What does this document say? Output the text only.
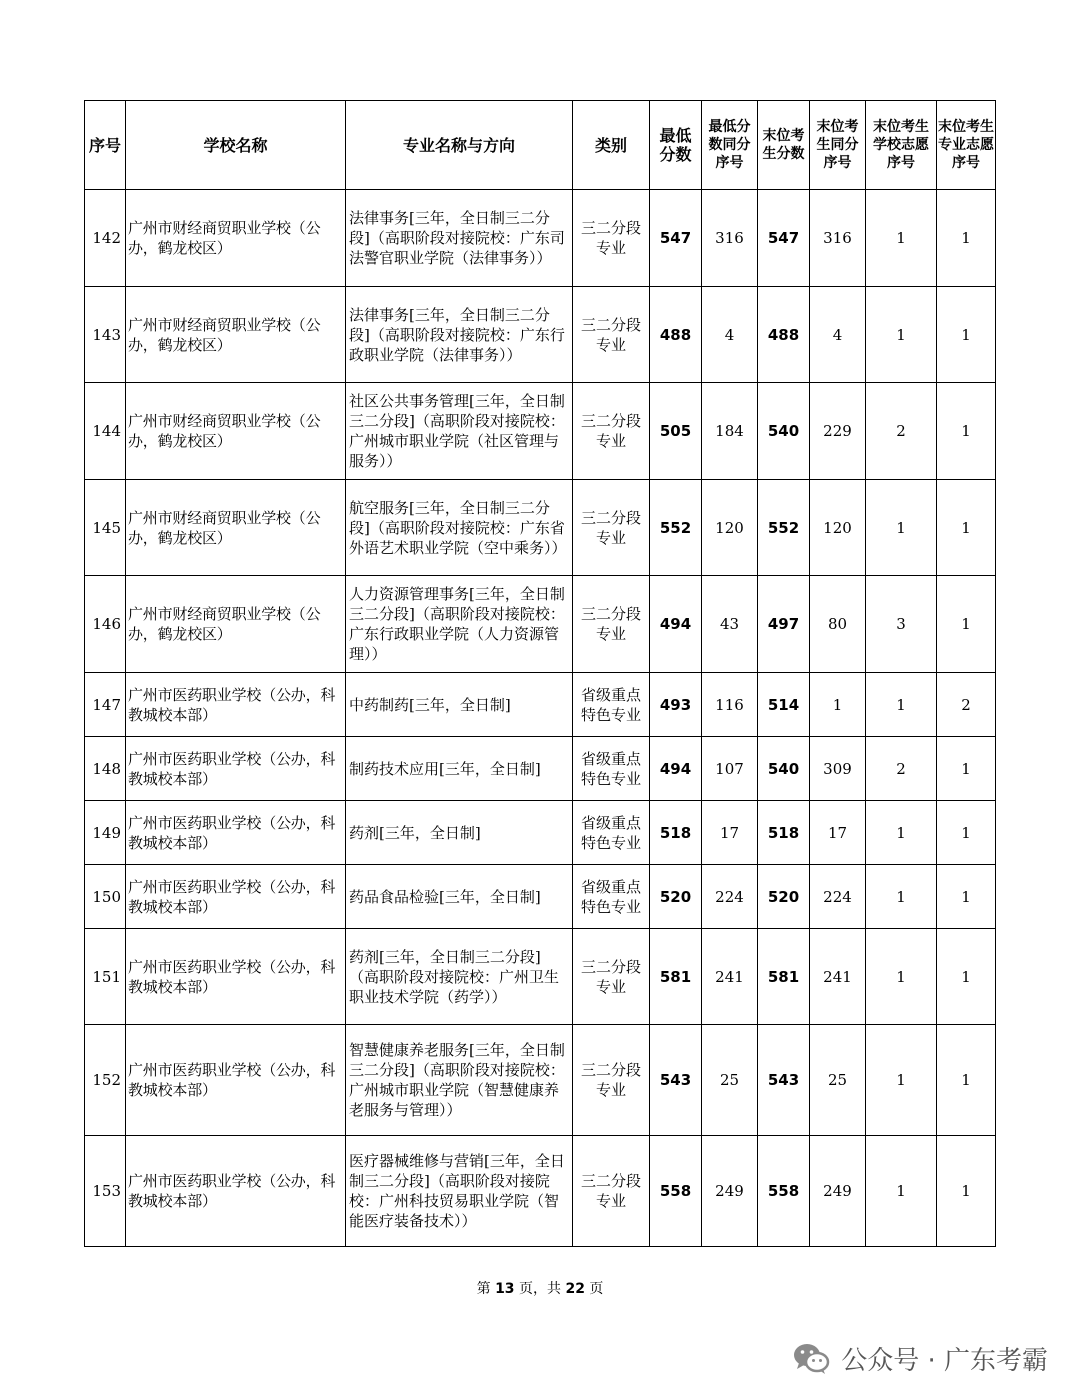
序号	学校名称	专业名称与方向	类别	最低分数	最低分数同分序号	末位考生分数	末位考生同分序号	末位考生学校志愿序号	末位考生专业志愿序号
142	广州市财经商贸职业学校（公办，鹤龙校区）	法律事务[三年，全日制三二分段]（高职阶段对接院校：广东司法警官职业学院（法律事务））	三二分段专业	547	316	547	316	1	1
143	广州市财经商贸职业学校（公办，鹤龙校区）	法律事务[三年，全日制三二分段]（高职阶段对接院校：广东行政职业学院（法律事务））	三二分段专业	488	4	488	4	1	1
144	广州市财经商贸职业学校（公办，鹤龙校区）	社区公共事务管理[三年，全日制三二分段]（高职阶段对接院校：广州城市职业学院（社区管理与服务））	三二分段专业	505	184	540	229	2	1
145	广州市财经商贸职业学校（公办，鹤龙校区）	航空服务[三年，全日制三二分段]（高职阶段对接院校：广东省外语艺术职业学院（空中乘务））	三二分段专业	552	120	552	120	1	1
146	广州市财经商贸职业学校（公办，鹤龙校区）	人力资源管理事务[三年，全日制三二分段]（高职阶段对接院校：广东行政职业学院（人力资源管理））	三二分段专业	494	43	497	80	3	1
147	广州市医药职业学校（公办，科教城校本部）	中药制药[三年，全日制]	省级重点特色专业	493	116	514	1	1	2
148	广州市医药职业学校（公办，科教城校本部）	制药技术应用[三年，全日制]	省级重点特色专业	494	107	540	309	2	1
149	广州市医药职业学校（公办，科教城校本部）	药剂[三年，全日制]	省级重点特色专业	518	17	518	17	1	1
150	广州市医药职业学校（公办，科教城校本部）	药品食品检验[三年，全日制]	省级重点特色专业	520	224	520	224	1	1
151	广州市医药职业学校（公办，科教城校本部）	药剂[三年，全日制三二分段]（高职阶段对接院校：广州卫生职业技术学院（药学））	三二分段专业	581	241	581	241	1	1
152	广州市医药职业学校（公办，科教城校本部）	智慧健康养老服务[三年，全日制三二分段]（高职阶段对接院校：广州城市职业学院（智慧健康养老服务与管理））	三二分段专业	543	25	543	25	1	1
153	广州市医药职业学校（公办，科教城校本部）	医疗器械维修与营销[三年，全日制三二分段]（高职阶段对接院校：广州科技贸易职业学院（智能医疗装备技术））	三二分段专业	558	249	558	249	1	1
第 13 页，共 22 页
公众号 · 广东考霸
